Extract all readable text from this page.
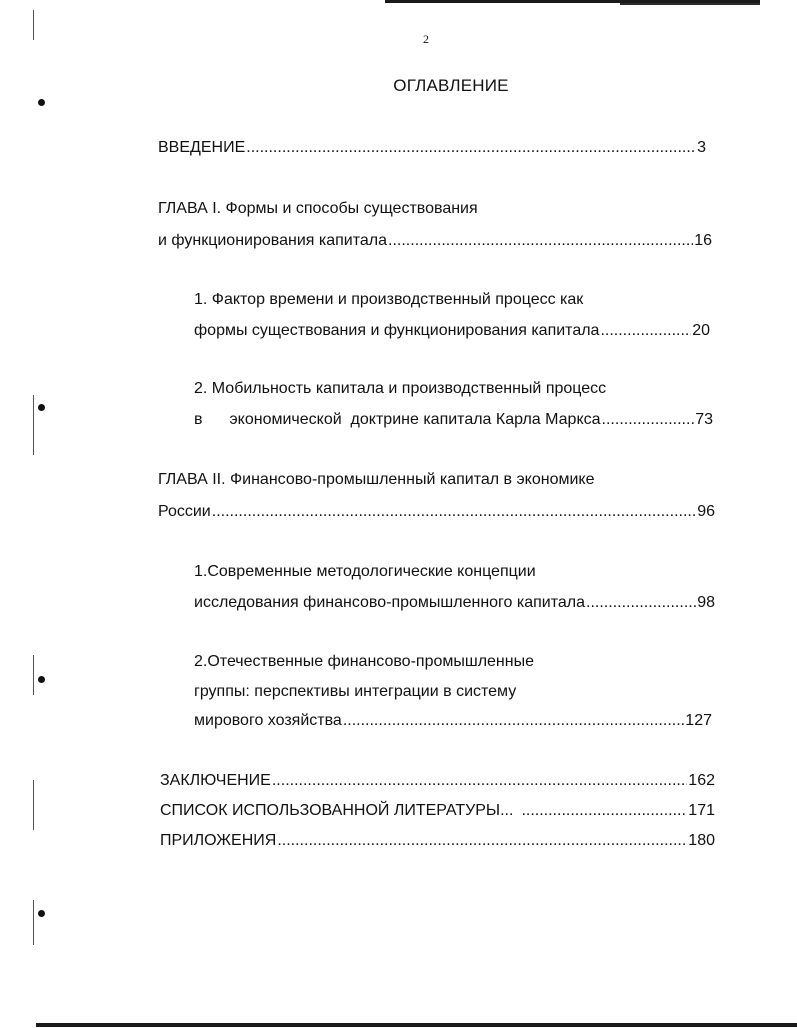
2
ОГЛАВЛЕНИЕ
ВВЕДЕНИЕ .....	3
ГЛАВА I. Формы и способы существования
и функционирования капитала .....	16
1. Фактор времени и производственный процесс как
формы существования и функционирования капитала .....	20
2. Мобильность капитала и производственный процесс
в экономической  доктрине капитала Карла Маркса .....	73
ГЛАВА II. Финансово-промышленный капитал в экономике
России .....	96
1.Современные методологические концепции
исследования финансово-промышленного капитала .....	98
2.Отечественные финансово-промышленные
группы: перспективы интеграции в систему
мирового хозяйства .....	127
ЗАКЛЮЧЕНИЕ .....	162
СПИСОК ИСПОЛЬЗОВАННОЙ ЛИТЕРАТУРЫ... .....	171
ПРИЛОЖЕНИЯ .....	180
